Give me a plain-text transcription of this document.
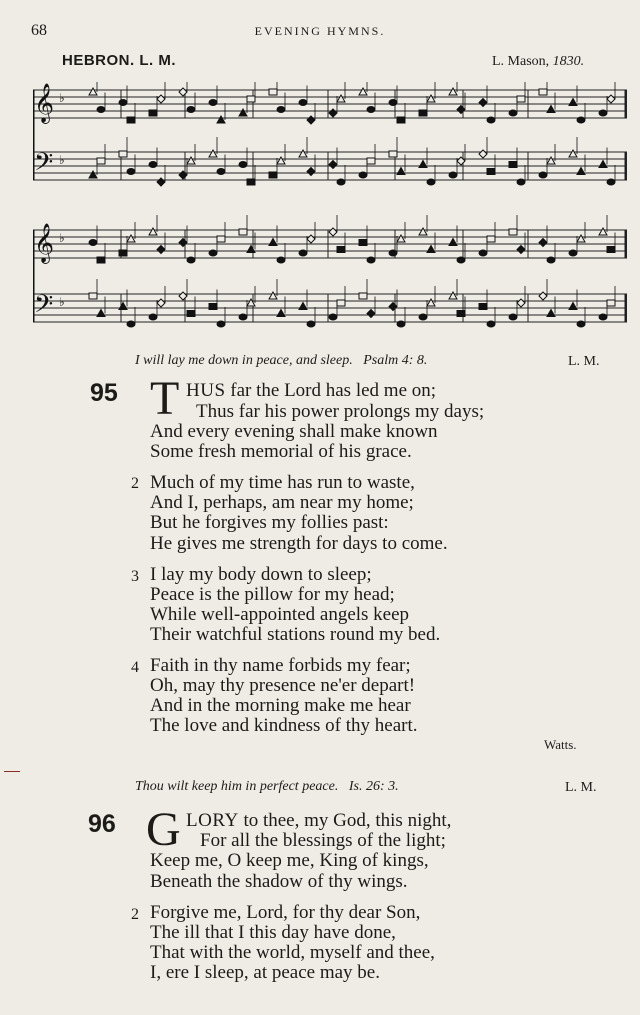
68	EVENING HYMNS.
HEBRON. L. M.	L. Mason, 1830.
𝄞 ♭
𝄢 ♭
𝄞 ♭
𝄢 ♭
I will lay me down in peace, and sleep. Psalm 4: 8.	L. M.
95 T HUS far the Lord has led me on;
Thus far his power prolongs my days;
And every evening shall make known
Some fresh memorial of his grace.
2 Much of my time has run to waste,
And I, perhaps, am near my home;
But he forgives my follies past:
He gives me strength for days to come.
3 I lay my body down to sleep;
Peace is the pillow for my head;
While well-appointed angels keep
Their watchful stations round my bed.
4 Faith in thy name forbids my fear;
Oh, may thy presence ne'er depart!
And in the morning make me hear
The love and kindness of thy heart.
Watts.
Thou wilt keep him in perfect peace. Is. 26: 3.	L. M.
96 G LORY to thee, my God, this night,
For all the blessings of the light;
Keep me, O keep me, King of kings,
Beneath the shadow of thy wings.
2 Forgive me, Lord, for thy dear Son,
The ill that I this day have done,
That with the world, myself and thee,
I, ere I sleep, at peace may be.
